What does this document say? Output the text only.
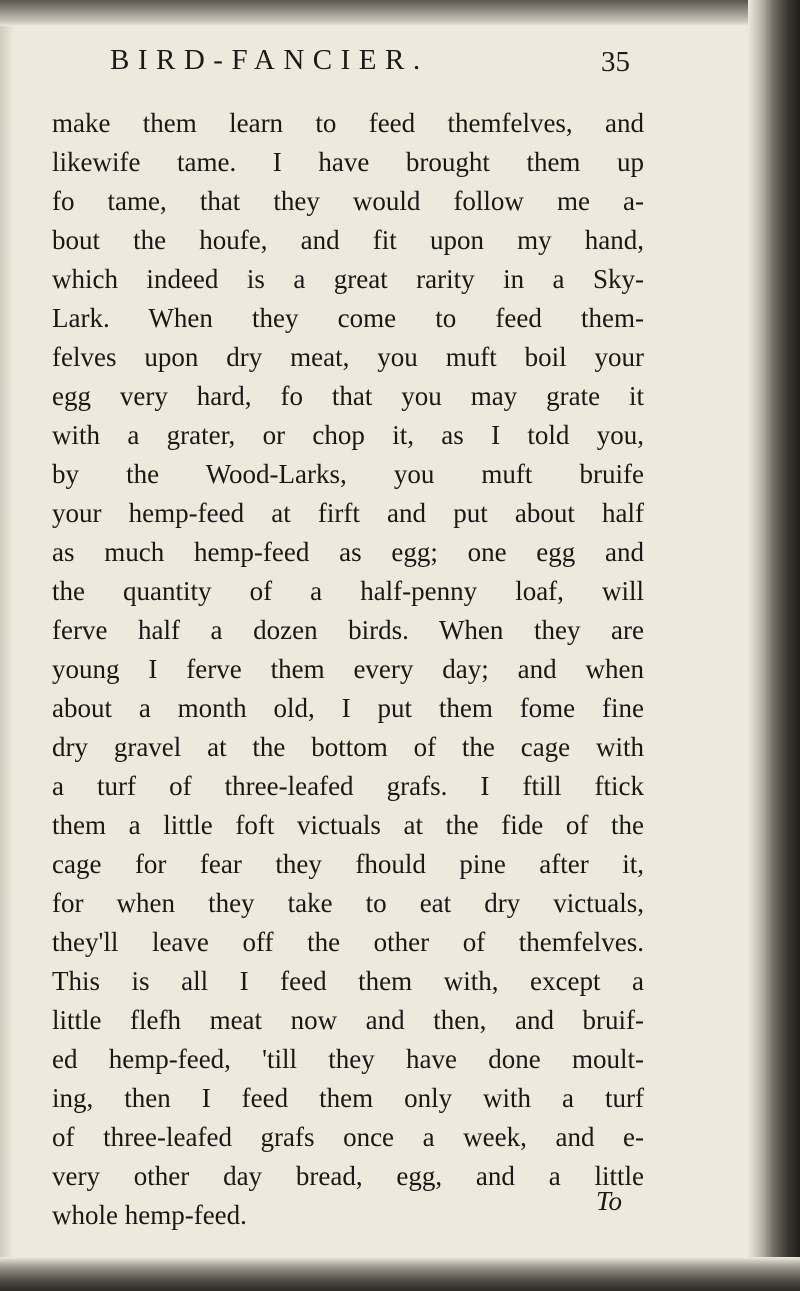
BIRD-FANCIER.	35
make them learn to feed themfelves, and
likewife tame. I have brought them up
fo tame, that they would follow me a-
bout the houfe, and fit upon my hand,
which indeed is a great rarity in a Sky-
Lark. When they come to feed them-
felves upon dry meat, you muft boil your
egg very hard, fo that you may grate it
with a grater, or chop it, as I told you,
by the Wood-Larks, you muft bruife
your hemp-feed at firft and put about half
as much hemp-feed as egg; one egg and
the quantity of a half-penny loaf, will
ferve half a dozen birds. When they are
young I ferve them every day; and when
about a month old, I put them fome fine
dry gravel at the bottom of the cage with
a turf of three-leafed grafs. I ftill ftick
them a little foft victuals at the fide of the
cage for fear they fhould pine after it,
for when they take to eat dry victuals,
they'll leave off the other of themfelves.
This is all I feed them with, except a
little flefh meat now and then, and bruif-
ed hemp-feed, 'till they have done moult-
ing, then I feed them only with a turf
of three-leafed grafs once a week, and e-
very other day bread, egg, and a little
whole hemp-feed.	To
